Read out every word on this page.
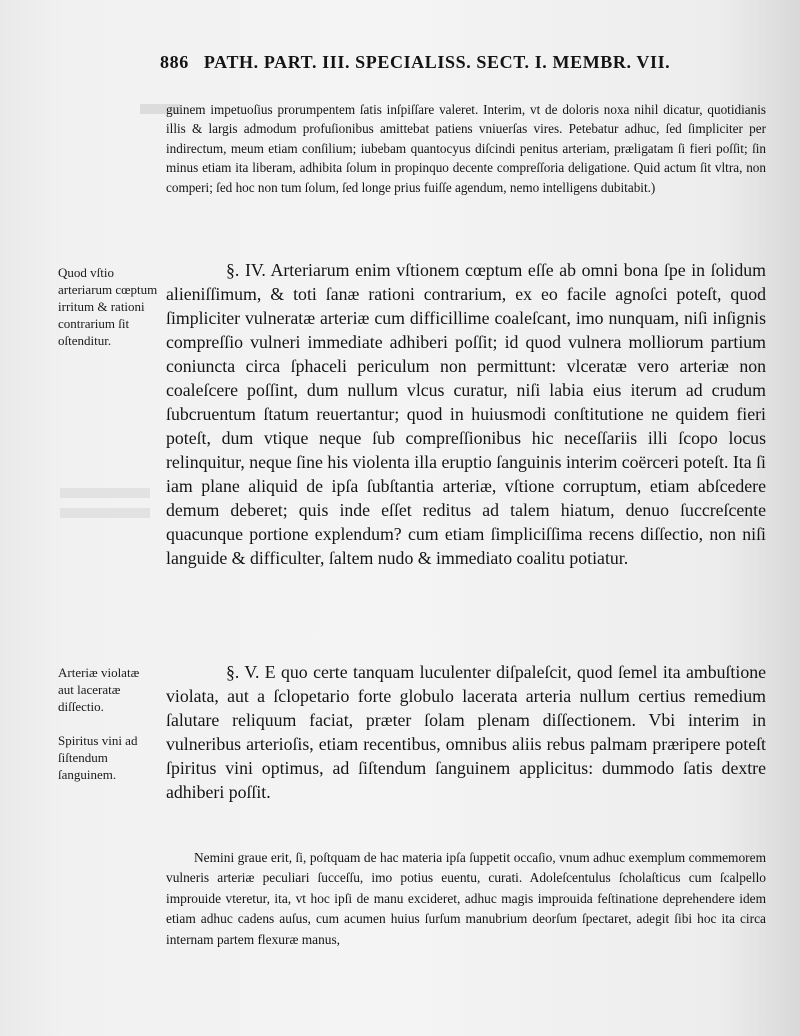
886 PATH. PART. III. SPECIALISS. SECT. I. MEMBR. VII.

guinem impetuoſius prorumpentem ſatis inſpiſſare valeret. Interim, vt de doloris noxa nihil dicatur, quotidianis illis & largis admodum profuſionibus amittebat patiens vniuerſas vires. Petebatur adhuc, ſed ſimpliciter per indirectum, meum etiam conſilium; iubebam quantocyus diſcindi penitus arteriam, præligatam ſi fieri poſſit; ſin minus etiam ita liberam, adhibita ſolum in propinquo decente compreſſoria deligatione. Quid actum ſit vltra, non comperi; ſed hoc non tum ſolum, ſed longe prius fuiſſe agendum, nemo intelligens dubitabit.)

Quod vſtio arteriarum cœptum irritum & rationi contrarium ſit oſtenditur.

§. IV. Arteriarum enim vſtionem cœptum eſſe ab omni bona ſpe in ſolidum alieniſſimum, & toti ſanæ rationi contrarium, ex eo facile agnoſci poteſt, quod ſimpliciter vulneratæ arteriæ cum difficillime coaleſcant, imo nunquam, niſi inſignis compreſſio vulneri immediate adhiberi poſſit; id quod vulnera molliorum partium coniuncta circa ſphaceli periculum non permittunt: vlceratæ vero arteriæ non coaleſcere poſſint, dum nullum vlcus curatur, niſi labia eius iterum ad crudum ſubcruentum ſtatum reuertantur; quod in huiusmodi conſtitutione ne quidem fieri poteſt, dum vtique neque ſub compreſſionibus hic neceſſariis illi ſcopo locus relinquitur, neque ſine his violenta illa eruptio ſanguinis interim coërceri poteſt. Ita ſi iam plane aliquid de ipſa ſubſtantia arteriæ, vſtione corruptum, etiam abſcedere demum deberet; quis inde eſſet reditus ad talem hiatum, denuo ſuccreſcente quacunque portione explendum? cum etiam ſimpliciſſima recens diſſectio, non niſi languide & difficulter, ſaltem nudo & immediato coalitu potiatur.

Arteriæ violatæ aut laceratæ diſſectio.

Spiritus vini ad ſiſtendum ſanguinem.

§. V. E quo certe tanquam luculenter diſpaleſcit, quod ſemel ita ambuſtione violata, aut a ſclopetario forte globulo lacerata arteria nullum certius remedium ſalutare reliquum faciat, præter ſolam plenam diſſectionem. Vbi interim in vulneribus arterioſis, etiam recentibus, omnibus aliis rebus palmam præripere poteſt ſpiritus vini optimus, ad ſiſtendum ſanguinem applicitus: dummodo ſatis dextre adhiberi poſſit.

Nemini graue erit, ſi, poſtquam de hac materia ipſa ſuppetit occaſio, vnum adhuc exemplum commemorem vulneris arteriæ peculiari ſucceſſu, imo potius euentu, curati. Adoleſcentulus ſcholaſticus cum ſcalpello improuide vteretur, ita, vt hoc ipſi de manu excideret, adhuc magis improuida feſtinatione deprehendere idem etiam adhuc cadens auſus, cum acumen huius ſurſum manubrium deorſum ſpectaret, adegit ſibi hoc ita circa internam partem flexuræ manus,
